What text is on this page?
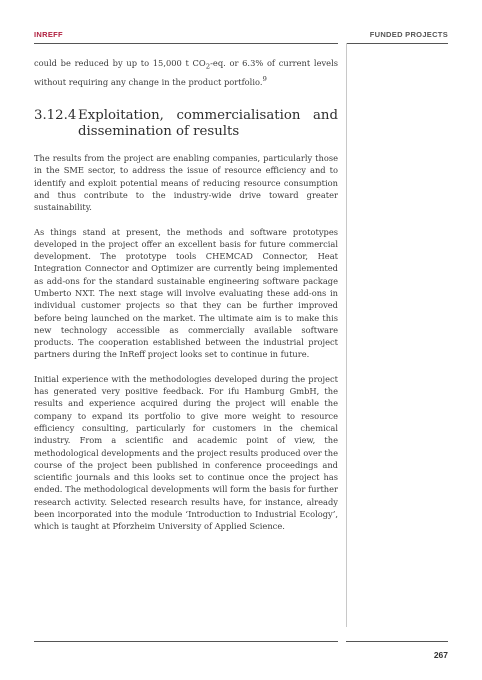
INREFF	FUNDED PROJECTS

could be reduced by up to 15,000 t $CO_2-eq$. or 6.3% of current levels without requiring any change in the product portfolio.$^9$

3.12.4 Exploitation, commercialisation and dissemination of results

The results from the project are enabling companies, particularly those in the SME sector, to address the issue of resource efficiency and to identify and exploit potential means of reducing resource consumption and thus contribute to the industry-wide drive toward greater sustainability.

As things stand at present, the methods and software prototypes developed in the project offer an excellent basis for future commercial development. The prototype tools CHEMCAD Connector, Heat Integration Connector and Optimizer are currently being implemented as add-ons for the standard sustainable engineering software package Umberto NXT. The next stage will involve evaluating these add-ons in individual customer projects so that they can be further improved before being launched on the market. The ultimate aim is to make this new technology accessible as commercially available software products. The cooperation established between the industrial project partners during the InReff project looks set to continue in future.

Initial experience with the methodologies developed during the project has generated very positive feedback. For ifu Hamburg GmbH, the results and experience acquired during the project will enable the company to expand its portfolio to give more weight to resource efficiency consulting, particularly for customers in the chemical industry. From a scientific and academic point of view, the methodological developments and the project results produced over the course of the project been published in conference proceedings and scientific journals and this looks set to continue once the project has ended. The methodological developments will form the basis for further research activity. Selected research results have, for instance, already been incorporated into the module ‘Introduction to Industrial Ecology’, which is taught at Pforzheim University of Applied Science.

267
